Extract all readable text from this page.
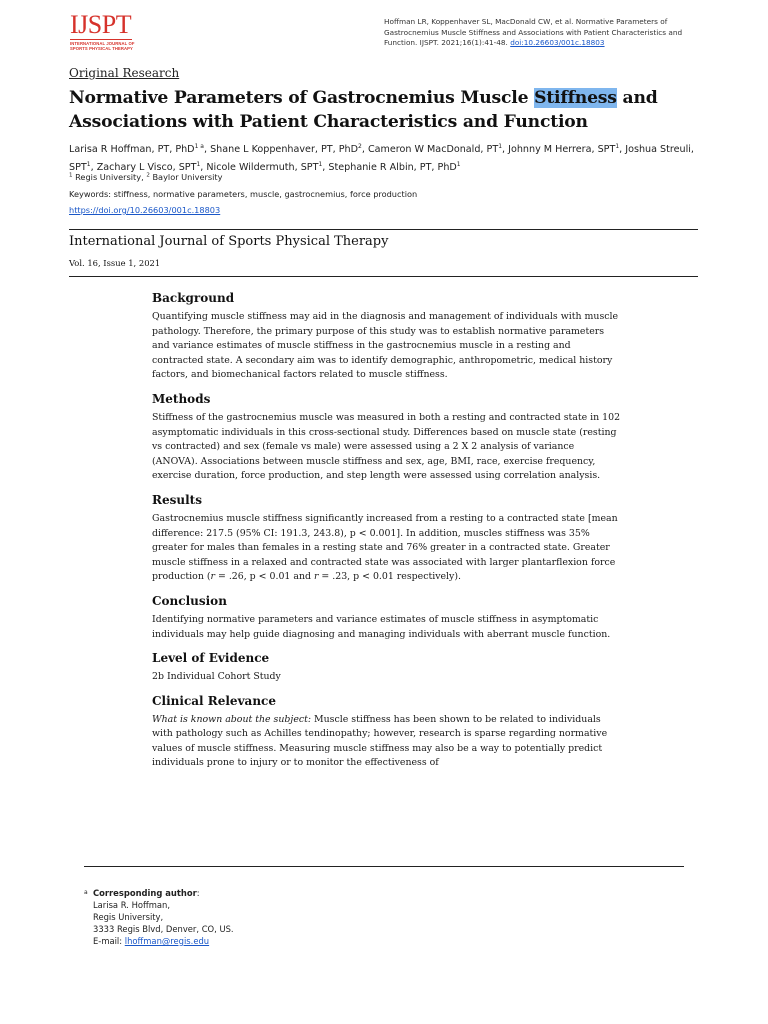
IJSPT
INTERNATIONAL JOURNAL OF
SPORTS PHYSICAL THERAPY
Hoffman LR, Koppenhaver SL, MacDonald CW, et al. Normative Parameters of Gastrocnemius Muscle Stiffness and Associations with Patient Characteristics and Function. IJSPT. 2021;16(1):41-48. doi:10.26603/001c.18803
Original Research
Normative Parameters of Gastrocnemius Muscle Stiffness and Associations with Patient Characteristics and Function
Larisa R Hoffman, PT, PhD$^{1 a}$, Shane L Koppenhaver, PT, PhD$^2$, Cameron W MacDonald, $PT^1$, Johnny M Herrera, SPT$^1$, Joshua Streuli, SPT$^1$, Zachary L Visco, SPT$^1$, Nicole Wildermuth, SPT$^1$, Stephanie R Albin, PT, PhD$^1$
$^1$ Regis University, $^2$ Baylor University
Keywords: stiffness, normative parameters, muscle, gastrocnemius, force production
https://doi.org/10.26603/001c.18803
International Journal of Sports Physical Therapy
Vol. 16, Issue 1, 2021
Background

Quantifying muscle stiffness may aid in the diagnosis and management of individuals with muscle pathology. Therefore, the primary purpose of this study was to establish normative parameters and variance estimates of muscle stiffness in the gastrocnemius muscle in a resting and contracted state. A secondary aim was to identify demographic, anthropometric, medical history factors, and biomechanical factors related to muscle stiffness.

Methods

Stiffness of the gastrocnemius muscle was measured in both a resting and contracted state in 102 asymptomatic individuals in this cross-sectional study. Differences based on muscle state (resting vs contracted) and sex (female vs male) were assessed using a 2 X 2 analysis of variance (ANOVA). Associations between muscle stiffness and sex, age, BMI, race, exercise frequency, exercise duration, force production, and step length were assessed using correlation analysis.

Results

Gastrocnemius muscle stiffness significantly increased from a resting to a contracted state [mean difference: 217.5 (95% CI: 191.3, 243.8), p < 0.001]. In addition, muscles stiffness was 35% greater for males than females in a resting state and 76% greater in a contracted state. Greater muscle stiffness in a relaxed and contracted state was associated with larger plantarflexion force production (r = .26, p < 0.01 and r = .23, p < 0.01 respectively).

Conclusion

Identifying normative parameters and variance estimates of muscle stiffness in asymptomatic individuals may help guide diagnosing and managing individuals with aberrant muscle function.

Level of Evidence

2b Individual Cohort Study

Clinical Relevance

What is known about the subject: Muscle stiffness has been shown to be related to individuals with pathology such as Achilles tendinopathy; however, research is sparse regarding normative values of muscle stiffness. Measuring muscle stiffness may also be a way to potentially predict individuals prone to injury or to monitor the effectiveness of

a Corresponding author:
Larisa R. Hoffman,
Regis University,
3333 Regis Blvd, Denver, CO, US.
E-mail: lhoffman@regis.edu
